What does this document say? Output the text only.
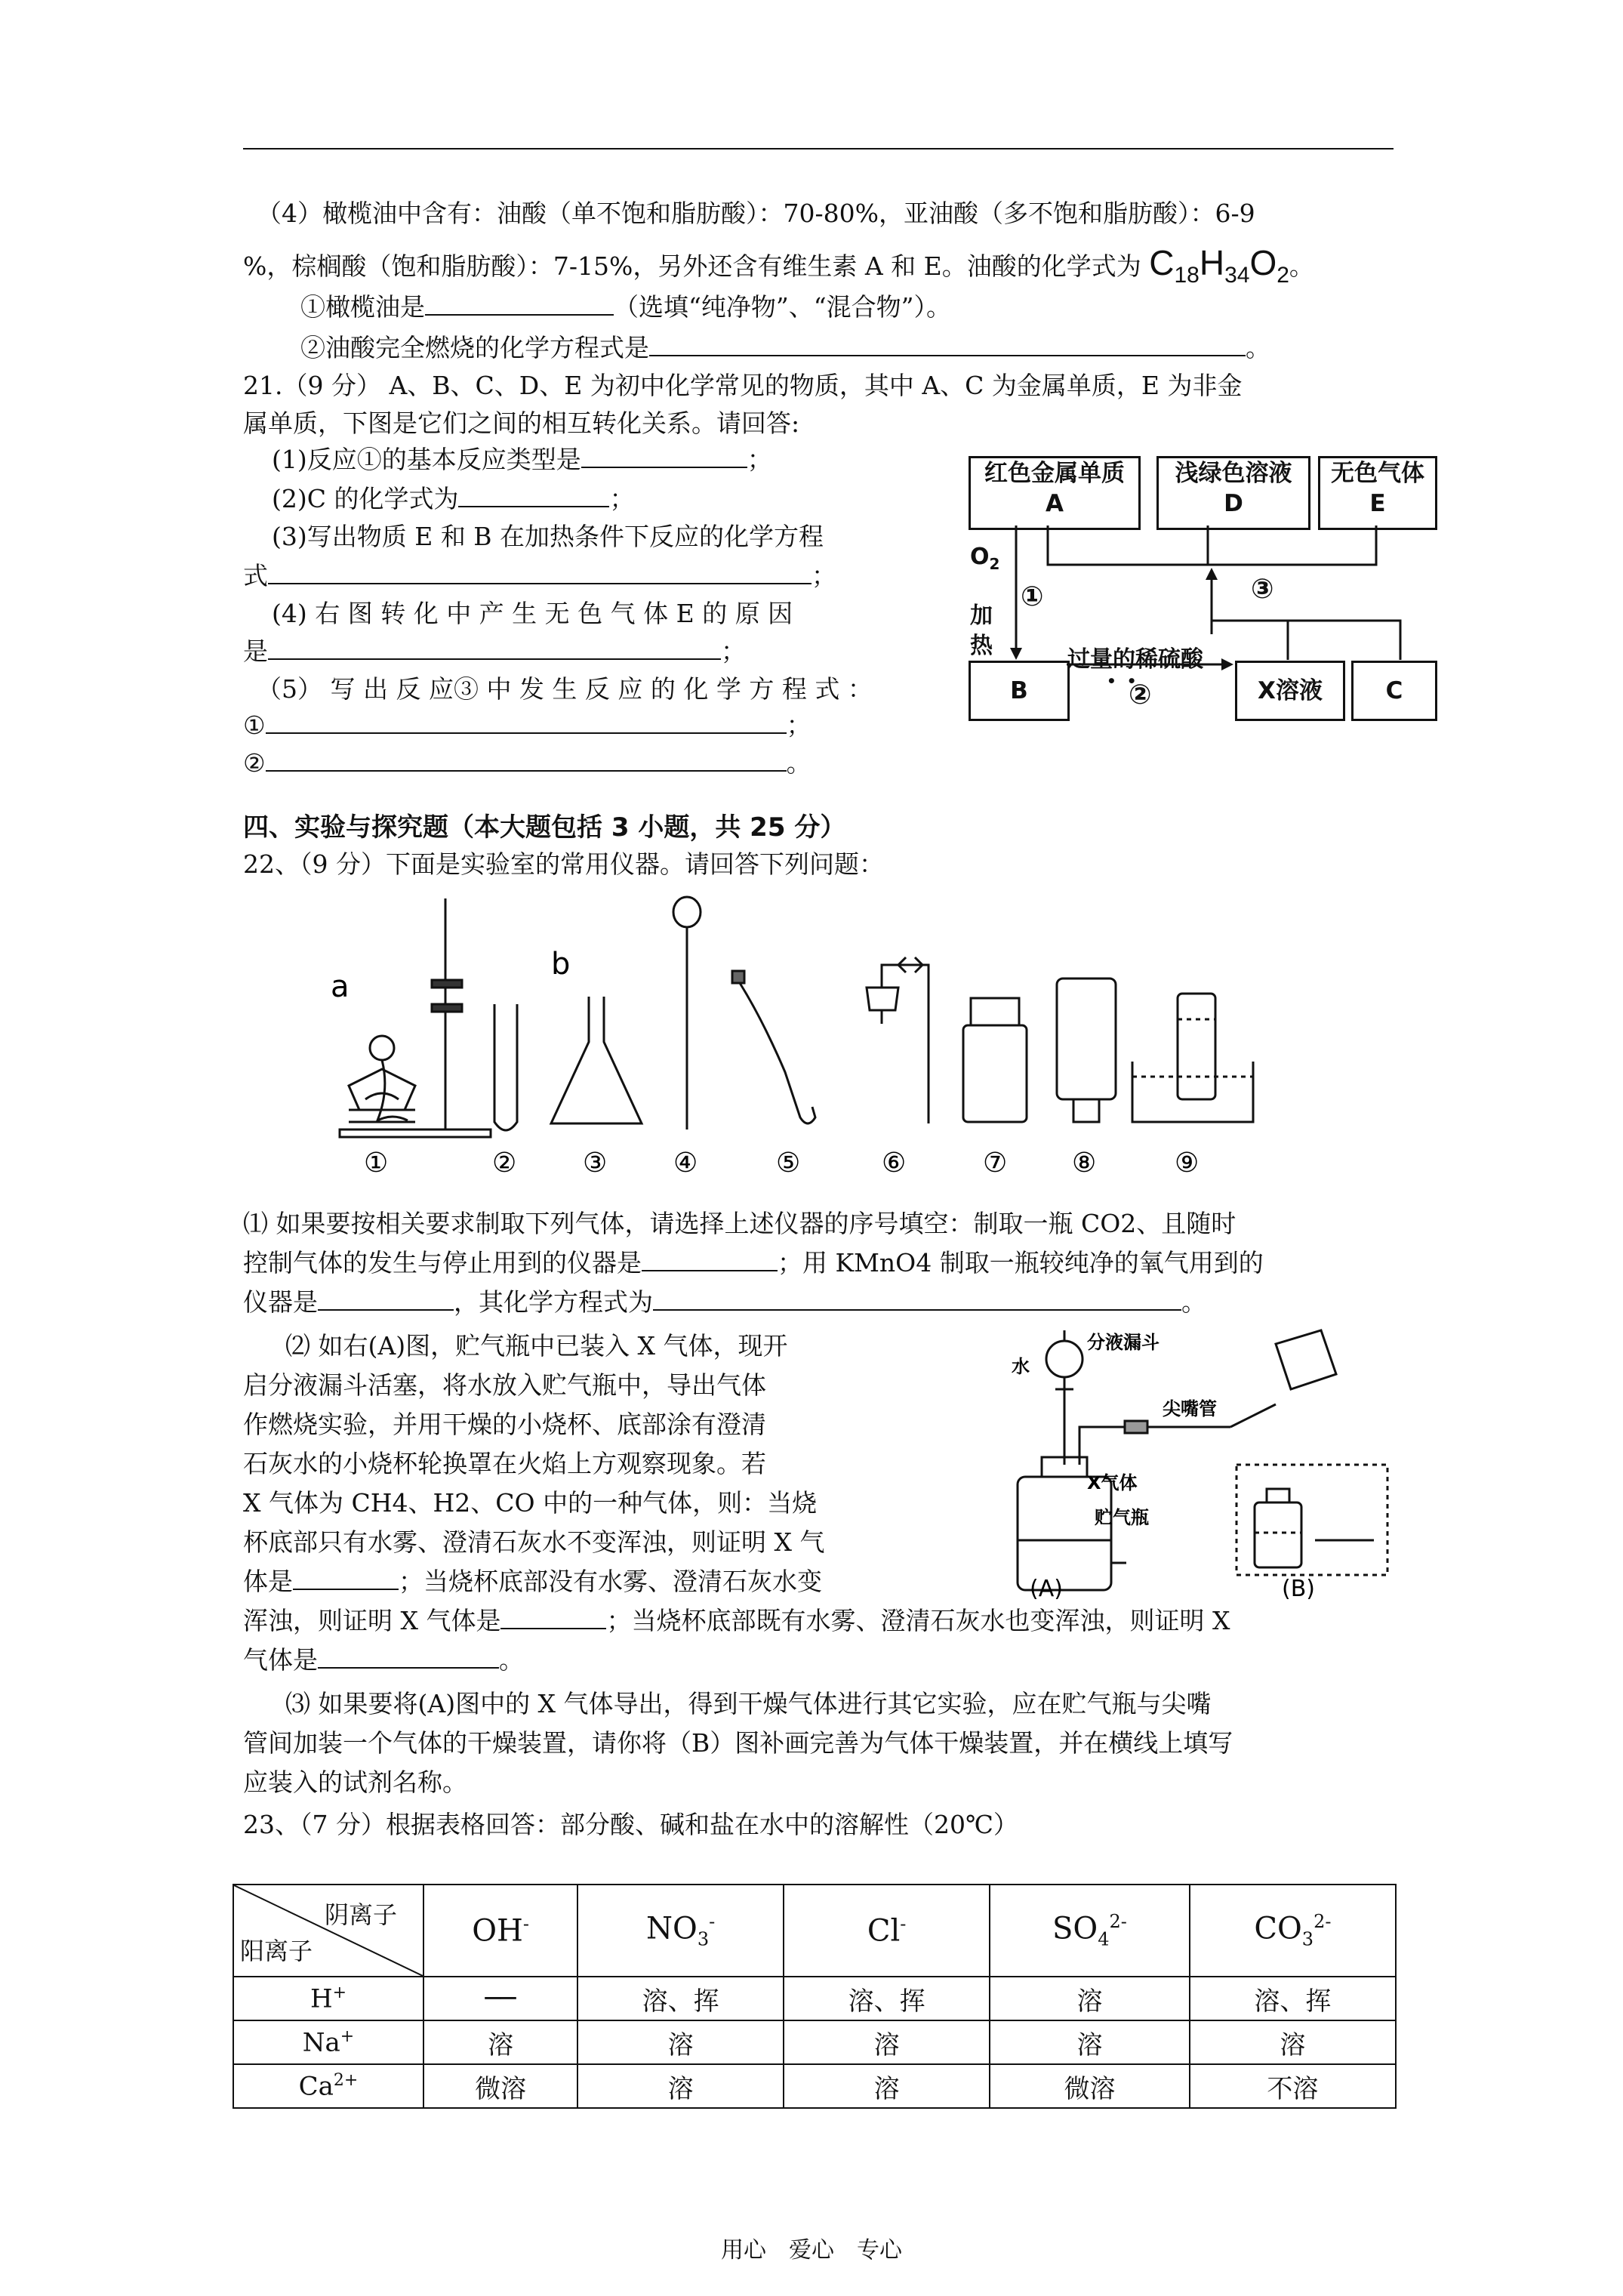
（4）橄榄油中含有：油酸（单不饱和脂肪酸）：70-80%，亚油酸（多不饱和脂肪酸）：6-9
%，棕榈酸（饱和脂肪酸）：7-15%，另外还含有维生素 A 和 E。油酸的化学式为 $C_{18}H_{34}O_2$。
①橄榄油是	（选填“纯净物”、“混合物”）。
②油酸完全燃烧的化学方程式是	。
21.（9 分） A、B、C、D、E 为初中化学常见的物质，其中 A、C 为金属单质，E 为非金
属单质，下图是它们之间的相互转化关系。请回答:
(1)反应①的基本反应类型是	；
(2)C 的化学式为	；
(3)写出物质 E 和 B 在加热条件下反应的化学方程
式	；
(4) 右 图 转 化 中 产 生 无 色 气 体 E 的 原 因
是	；
（5） 写 出 反 应③ 中 发 生 反 应 的 化 学 方 程 式 ：
①	；
②	。
红色金属单质
A
浅绿色溶液
D
无色气体
E
B	X溶液	C
$O_2$
加
热
①	③
过量的稀硫酸
•  •
②
四、实验与探究题（本大题包括 3 小题，共 25 分）
22、（9 分）下面是实验室的常用仪器。请回答下列问题：
a
b
①	② ③ ④	⑤	⑥	⑦ ⑧	⑨
⑴ 如果要按相关要求制取下列气体，请选择上述仪器的序号填空：制取一瓶 CO2、且随时
控制气体的发生与停止用到的仪器是	；用 KMnO4 制取一瓶较纯净的氧气用到的
仪器是	，其化学方程式为	。
⑵ 如右(A)图，贮气瓶中已装入 X 气体，现开
启分液漏斗活塞，将水放入贮气瓶中，导出气体
作燃烧实验，并用干燥的小烧杯、底部涂有澄清
石灰水的小烧杯轮换罩在火焰上方观察现象。若
X 气体为 CH4、H2、CO 中的一种气体，则：当烧
杯底部只有水雾、澄清石灰水不变浑浊，则证明 X 气
体是	；当烧杯底部没有水雾、澄清石灰水变
浑浊，则证明 X 气体是	；当烧杯底部既有水雾、澄清石灰水也变浑浊，则证明 X
气体是	。
分液漏斗
水
尖嘴管
X气体
贮气瓶
(A)	(B)
⑶ 如果要将(A)图中的 X 气体导出，得到干燥气体进行其它实验，应在贮气瓶与尖嘴
管间加装一个气体的干燥装置，请你将（B）图补画完善为气体干燥装置，并在横线上填写
应装入的试剂名称。
23、（7 分）根据表格回答：部分酸、碱和盐在水中的溶解性（20℃）
阴离子
阳离子	OH-	$NO_3^-$	Cl-	$SO_4^{2-}$	$CO_3^{2-}$
H+	──	溶、挥	溶、挥	溶	溶、挥
Na+	溶	溶	溶	溶	溶
$Ca^{2+}$	微溶	溶	溶	微溶	不溶
用心　爱心　专心
